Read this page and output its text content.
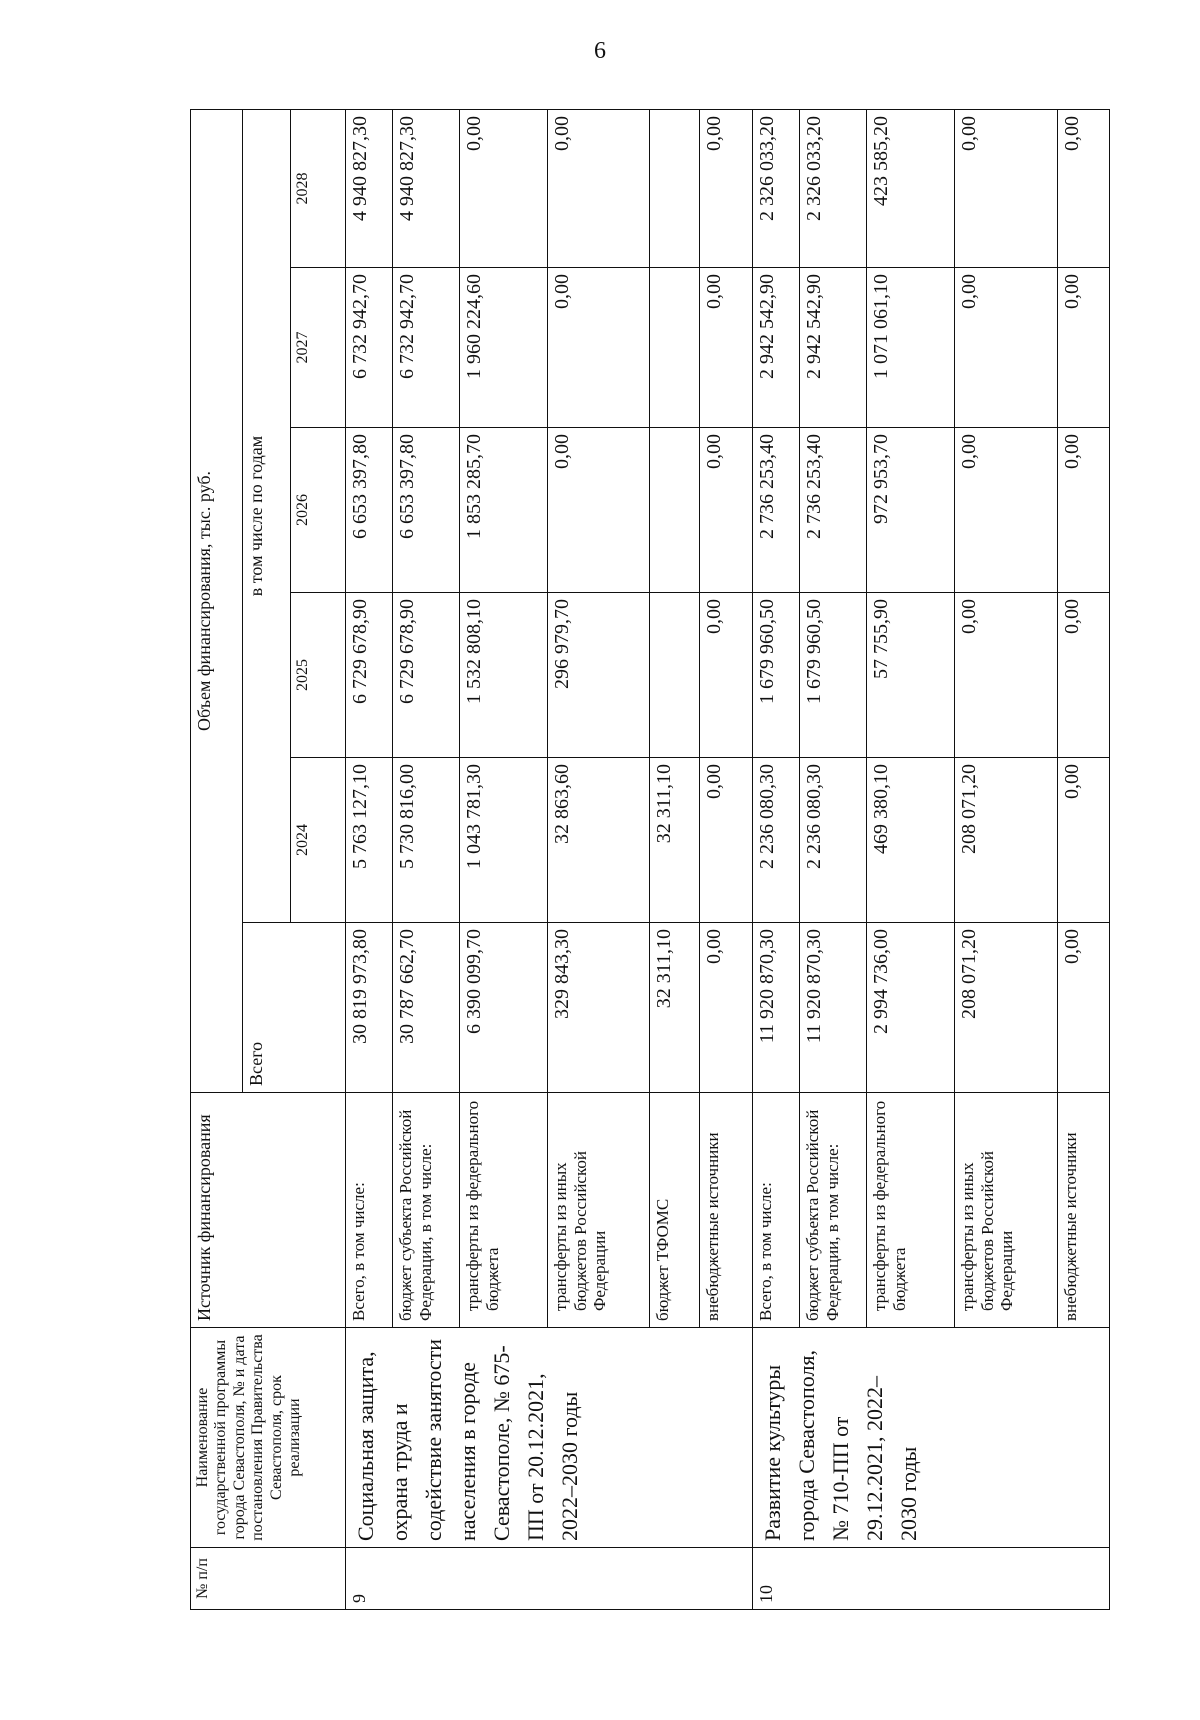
6
№ п/п	Наименование государственной программы города Севастополя, № и дата постановления Правительства Севастополя, срок реализации	Источник финансирования	Объем финансирования, тыс. руб.					
			Всего	в том числе по годам				
				2024	2025	2026	2027	2028
9	Социальная защита, охрана труда и содействие занятости населения в городе Севастополе, № 675-ПП от 20.12.2021, 2022–2030 годы	Всего, в том числе:	30 819 973,80	5 763 127,10	6 729 678,90	6 653 397,80	6 732 942,70	4 940 827,30
		бюджет субъекта Российской Федерации, в том числе:	30 787 662,70	5 730 816,00	6 729 678,90	6 653 397,80	6 732 942,70	4 940 827,30
		трансферты из федерального бюджета	6 390 099,70	1 043 781,30	1 532 808,10	1 853 285,70	1 960 224,60	0,00
		трансферты из иных бюджетов Российской Федерации	329 843,30	32 863,60	296 979,70	0,00	0,00	0,00
		бюджет ТФОМС	32 311,10	32 311,10				
		внебюджетные источники	0,00	0,00	0,00	0,00	0,00	0,00
10	Развитие культуры города Севастополя, № 710-ПП от 29.12.2021, 2022–2030 годы	Всего, в том числе:	11 920 870,30	2 236 080,30	1 679 960,50	2 736 253,40	2 942 542,90	2 326 033,20
		бюджет субъекта Российской Федерации, в том числе:	11 920 870,30	2 236 080,30	1 679 960,50	2 736 253,40	2 942 542,90	2 326 033,20
		трансферты из федерального бюджета	2 994 736,00	469 380,10	57 755,90	972 953,70	1 071 061,10	423 585,20
		трансферты из иных бюджетов Российской Федерации	208 071,20	208 071,20	0,00	0,00	0,00	0,00
		внебюджетные источники	0,00	0,00	0,00	0,00	0,00	0,00
